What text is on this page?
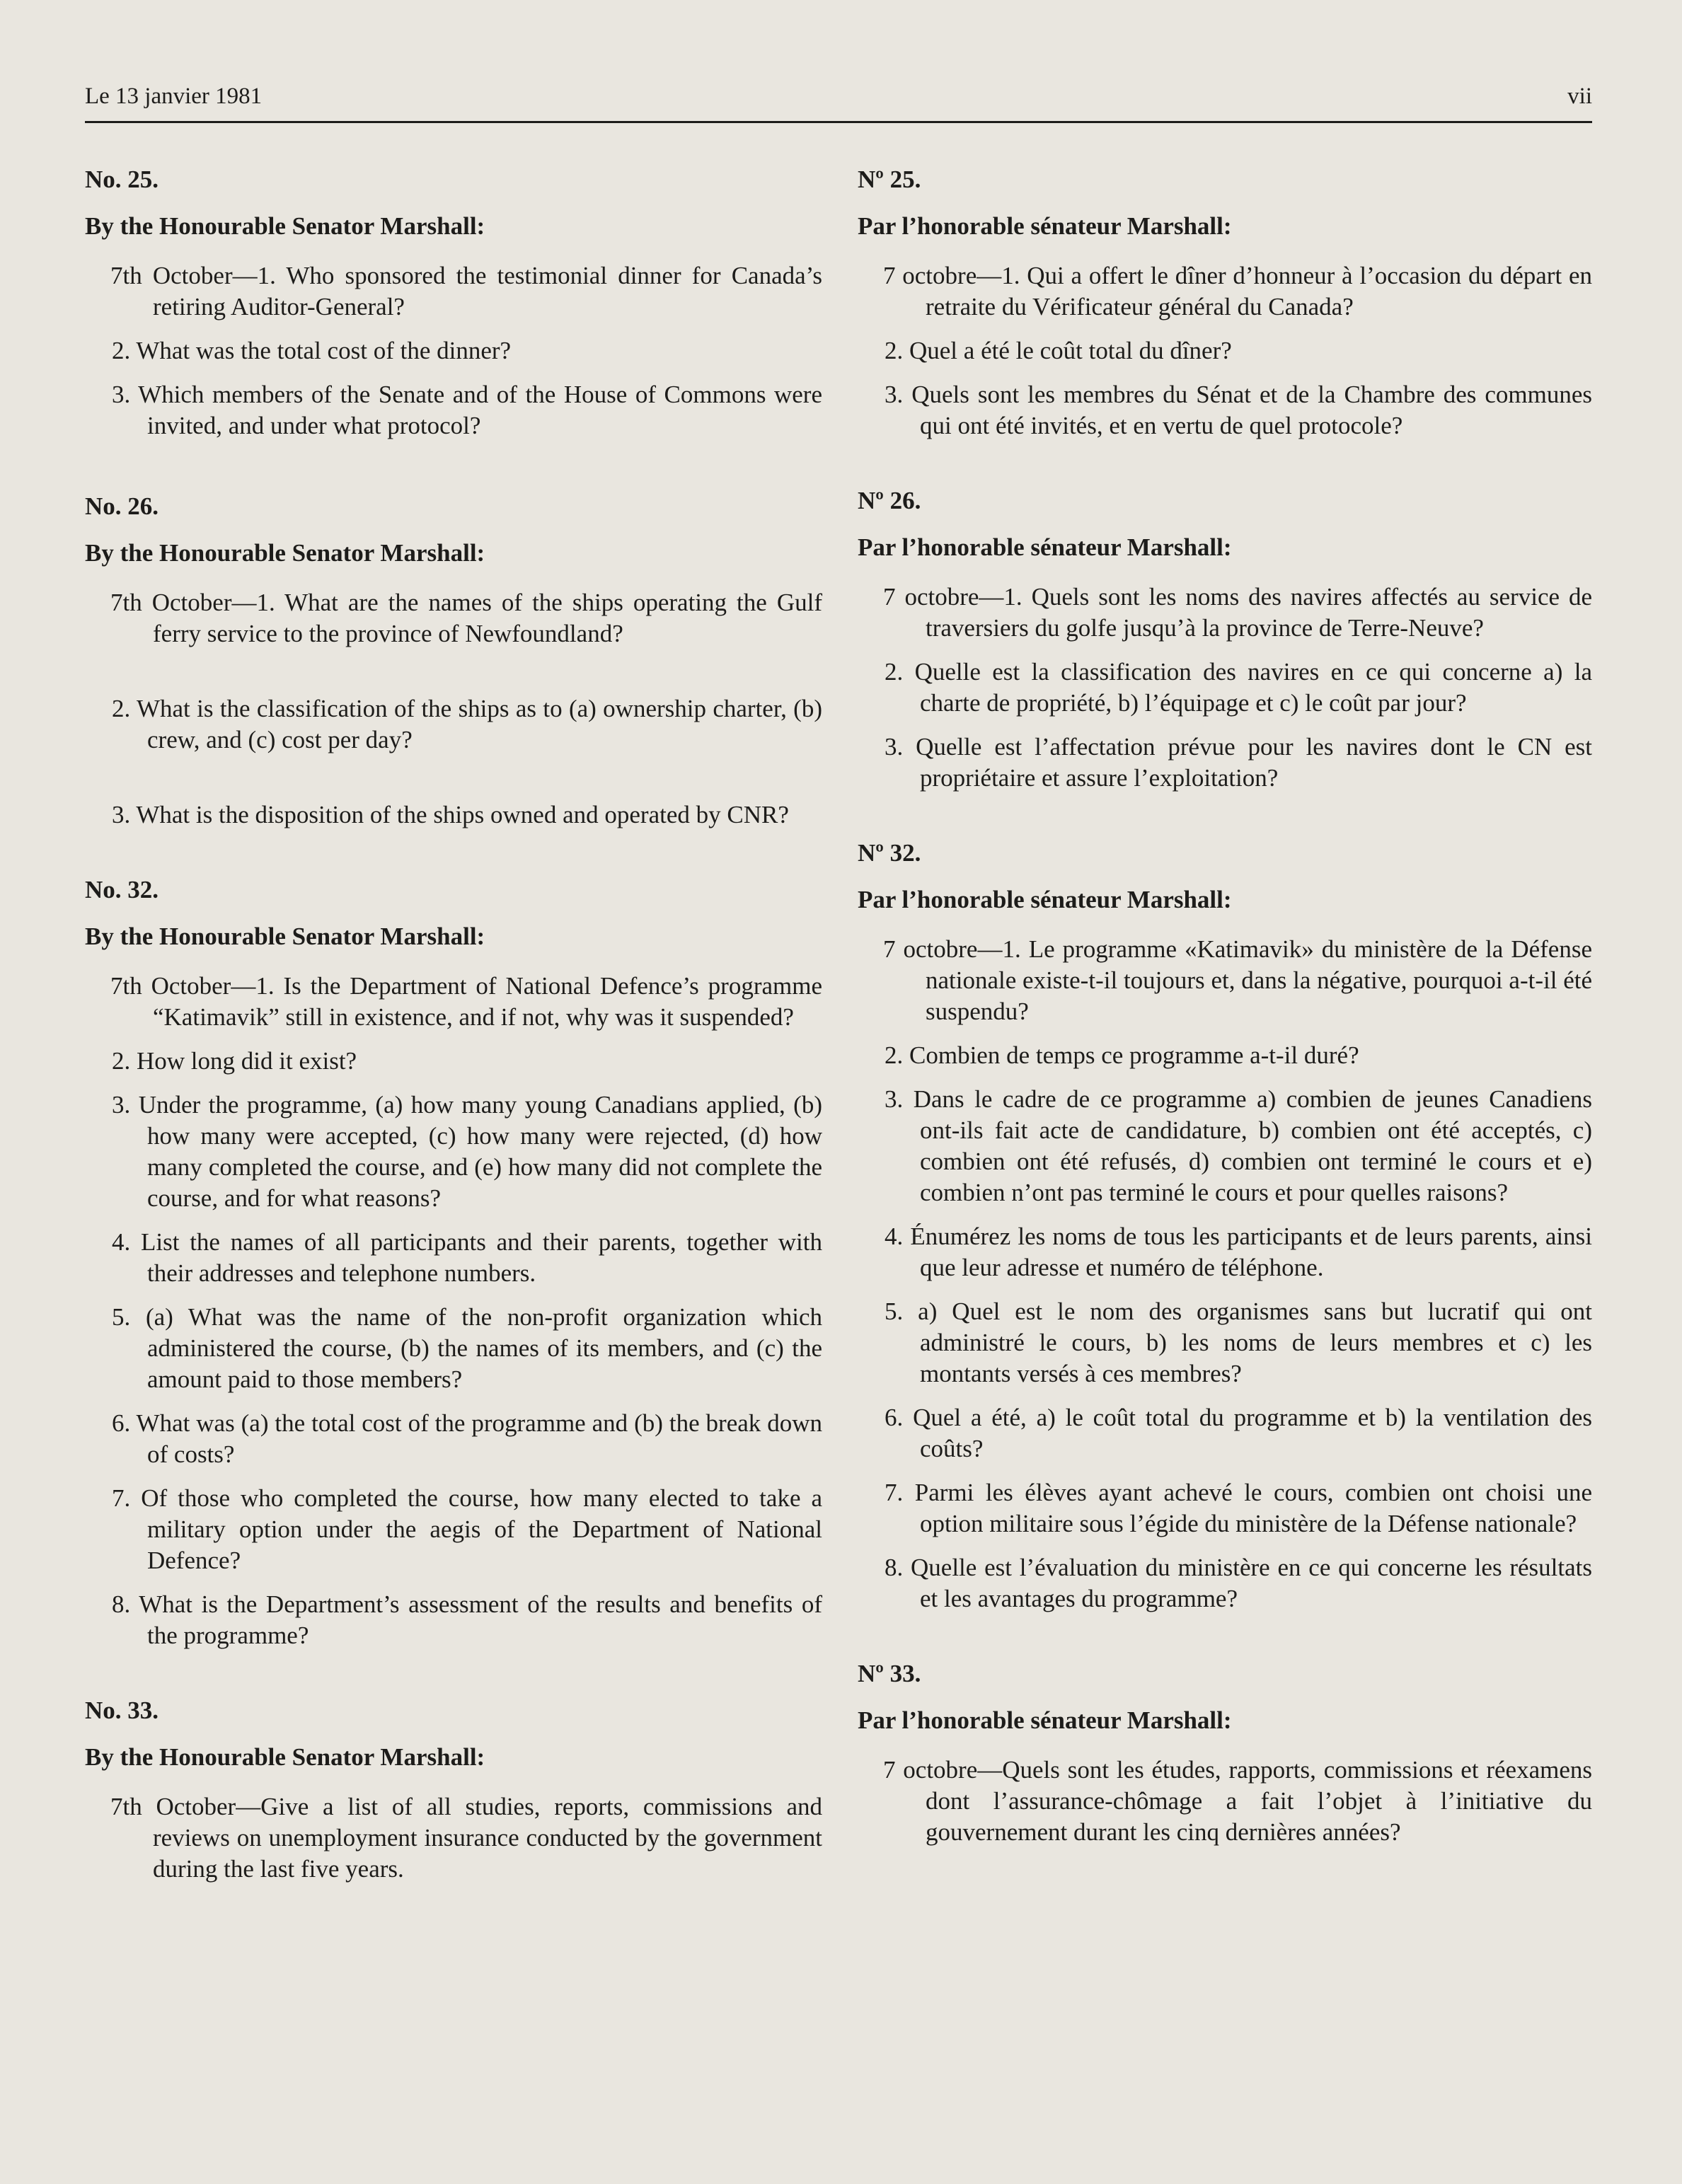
Le 13 janvier 1981	vii

No. 25.

By the Honourable Senator Marshall:

7th October—1. Who sponsored the testimonial dinner for Canada’s retiring Auditor-General?

2. What was the total cost of the dinner?

3. Which members of the Senate and of the House of Commons were invited, and under what protocol?

No. 26.

By the Honourable Senator Marshall:

7th October—1. What are the names of the ships operating the Gulf ferry service to the province of Newfoundland?

2. What is the classification of the ships as to (a) ownership charter, (b) crew, and (c) cost per day?

3. What is the disposition of the ships owned and operated by CNR?

No. 32.

By the Honourable Senator Marshall:

7th October—1. Is the Department of National Defence’s programme “Katimavik” still in existence, and if not, why was it suspended?

2. How long did it exist?

3. Under the programme, (a) how many young Canadians applied, (b) how many were accepted, (c) how many were rejected, (d) how many completed the course, and (e) how many did not complete the course, and for what reasons?

4. List the names of all participants and their parents, together with their addresses and telephone numbers.

5. (a) What was the name of the non-profit organization which administered the course, (b) the names of its members, and (c) the amount paid to those members?

6. What was (a) the total cost of the programme and (b) the break down of costs?

7. Of those who completed the course, how many elected to take a military option under the aegis of the Department of National Defence?

8. What is the Department’s assessment of the results and benefits of the programme?

No. 33.

By the Honourable Senator Marshall:

7th October—Give a list of all studies, reports, commissions and reviews on unemployment insurance conducted by the government during the last five years.

Nº 25.

Par l’honorable sénateur Marshall:

7 octobre—1. Qui a offert le dîner d’honneur à l’occasion du départ en retraite du Vérificateur général du Canada?

2. Quel a été le coût total du dîner?

3. Quels sont les membres du Sénat et de la Chambre des communes qui ont été invités, et en vertu de quel protocole?

Nº 26.

Par l’honorable sénateur Marshall:

7 octobre—1. Quels sont les noms des navires affectés au service de traversiers du golfe jusqu’à la province de Terre-Neuve?

2. Quelle est la classification des navires en ce qui concerne a) la charte de propriété, b) l’équipage et c) le coût par jour?

3. Quelle est l’affectation prévue pour les navires dont le CN est propriétaire et assure l’exploitation?

Nº 32.

Par l’honorable sénateur Marshall:

7 octobre—1. Le programme «Katimavik» du ministère de la Défense nationale existe-t-il toujours et, dans la négative, pourquoi a-t-il été suspendu?

2. Combien de temps ce programme a-t-il duré?

3. Dans le cadre de ce programme a) combien de jeunes Canadiens ont-ils fait acte de candidature, b) combien ont été acceptés, c) combien ont été refusés, d) combien ont terminé le cours et e) combien n’ont pas terminé le cours et pour quelles raisons?

4. Énumérez les noms de tous les participants et de leurs parents, ainsi que leur adresse et numéro de téléphone.

5. a) Quel est le nom des organismes sans but lucratif qui ont administré le cours, b) les noms de leurs membres et c) les montants versés à ces membres?

6. Quel a été, a) le coût total du programme et b) la ventilation des coûts?

7. Parmi les élèves ayant achevé le cours, combien ont choisi une option militaire sous l’égide du ministère de la Défense nationale?

8. Quelle est l’évaluation du ministère en ce qui concerne les résultats et les avantages du programme?

Nº 33.

Par l’honorable sénateur Marshall:

7 octobre—Quels sont les études, rapports, commissions et réexamens dont l’assurance-chômage a fait l’objet à l’initiative du gouvernement durant les cinq dernières années?
